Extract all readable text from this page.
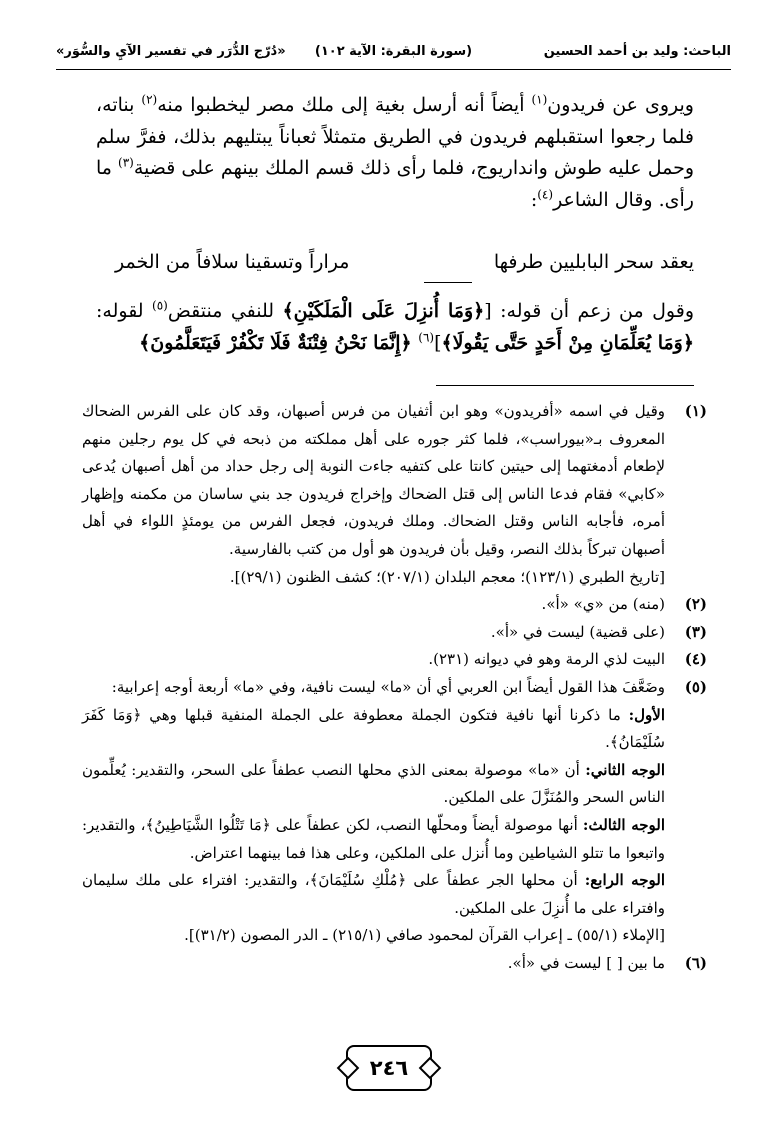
الباحث: وليد بن أحمد الحسين
(سورة البقرة: الآية ١٠٢)
«دُرّج الدُّرَر في تفسير الآيِ والسُّوَر»

ويروى عن فريدون$^{(١)}$ أيضاً أنه أرسل بغية إلى ملك مصر ليخطبوا منه$^{(٢)}$ بناته، فلما رجعوا استقبلهم فريدون في الطريق متمثلاً ثعباناً يبتليهم بذلك، ففرَّ سلم وحمل عليه طوش وانداريوج، فلما رأى ذلك قسم الملك بينهم على قضية$^{(٣)}$ ما رأى. وقال الشاعر$^{(٤)}$:

يعقد سحر البابليين طرفها
مراراً وتسقينا سلافاً من الخمر

وقول من زعم أن قوله: [﴿وَمَا أُنزِلَ عَلَى الْمَلَكَيْنِ﴾ للنفي منتقض$^{(٥)}$ لقوله: ﴿وَمَا يُعَلِّمَانِ مِنْ أَحَدٍ حَتَّى يَقُولَا﴾]$^{(٦)}$ ﴿إِنَّمَا نَحْنُ فِتْنَةٌ فَلَا تَكْفُرْ فَيَتَعَلَّمُونَ﴾

(١)

وقيل في اسمه «أفريدون» وهو ابن أثفيان من فرس أصبهان، وقد كان على الفرس الضحاك المعروف بـ«بيوراسب»، فلما كثر جوره على أهل مملكته من ذبحه في كل يوم رجلين منهم لإطعام أدمغتهما إلى حيتين كانتا على كتفيه جاءت النوبة إلى رجل حداد من أهل أصبهان يُدعى «كابي» فقام فدعا الناس إلى قتل الضحاك وإخراج فريدون جد بني ساسان من مكمنه وإظهار أمره، فأجابه الناس وقتل الضحاك. وملك فريدون، فجعل الفرس من يومئذٍ اللواء في أهل أصبهان تبركاً بذلك النصر، وقيل بأن فريدون هو أول من كتب بالفارسية.

[تاريخ الطبري (١٢٣/١)؛ معجم البلدان (٢٠٧/١)؛ كشف الظنون (٢٩/١)].

(٢)

(منه) من «ي» «أ».

(٣)

(على قضية) ليست في «أ».

(٤)

البيت لذي الرمة وهو في ديوانه (٢٣١).

(٥)

وضَعَّفَ هذا القول أيضاً ابن العربي أي أن «ما» ليست نافية، وفي «ما» أربعة أوجه إعرابية:

الأول: ما ذكرنا أنها نافية فتكون الجملة معطوفة على الجملة المنفية قبلها وهي ﴿وَمَا كَفَرَ سُلَيْمَانُ﴾.

الوجه الثاني: أن «ما» موصولة بمعنى الذي محلها النصب عطفاً على السحر، والتقدير: يُعلِّمون الناس السحر والمُنَزَّلَ على الملكين.

الوجه الثالث: أنها موصولة أيضاً ومحلّها النصب، لكن عطفاً على ﴿مَا تَتْلُوا الشَّيَاطِينُ﴾، والتقدير: واتبعوا ما تتلو الشياطين وما أُنزل على الملكين، وعلى هذا فما بينهما اعتراض.

الوجه الرابع: أن محلها الجر عطفاً على ﴿مُلْكِ سُلَيْمَانَ﴾، والتقدير: افتراء على ملك سليمان وافتراء على ما أُنزِلَ على الملكين.

[الإملاء (٥٥/١) ـ إعراب القرآن لمحمود صافي (٢١٥/١) ـ الدر المصون (٣١/٢)].

(٦)

ما بين [ ] ليست في «أ».

٢٤٦
